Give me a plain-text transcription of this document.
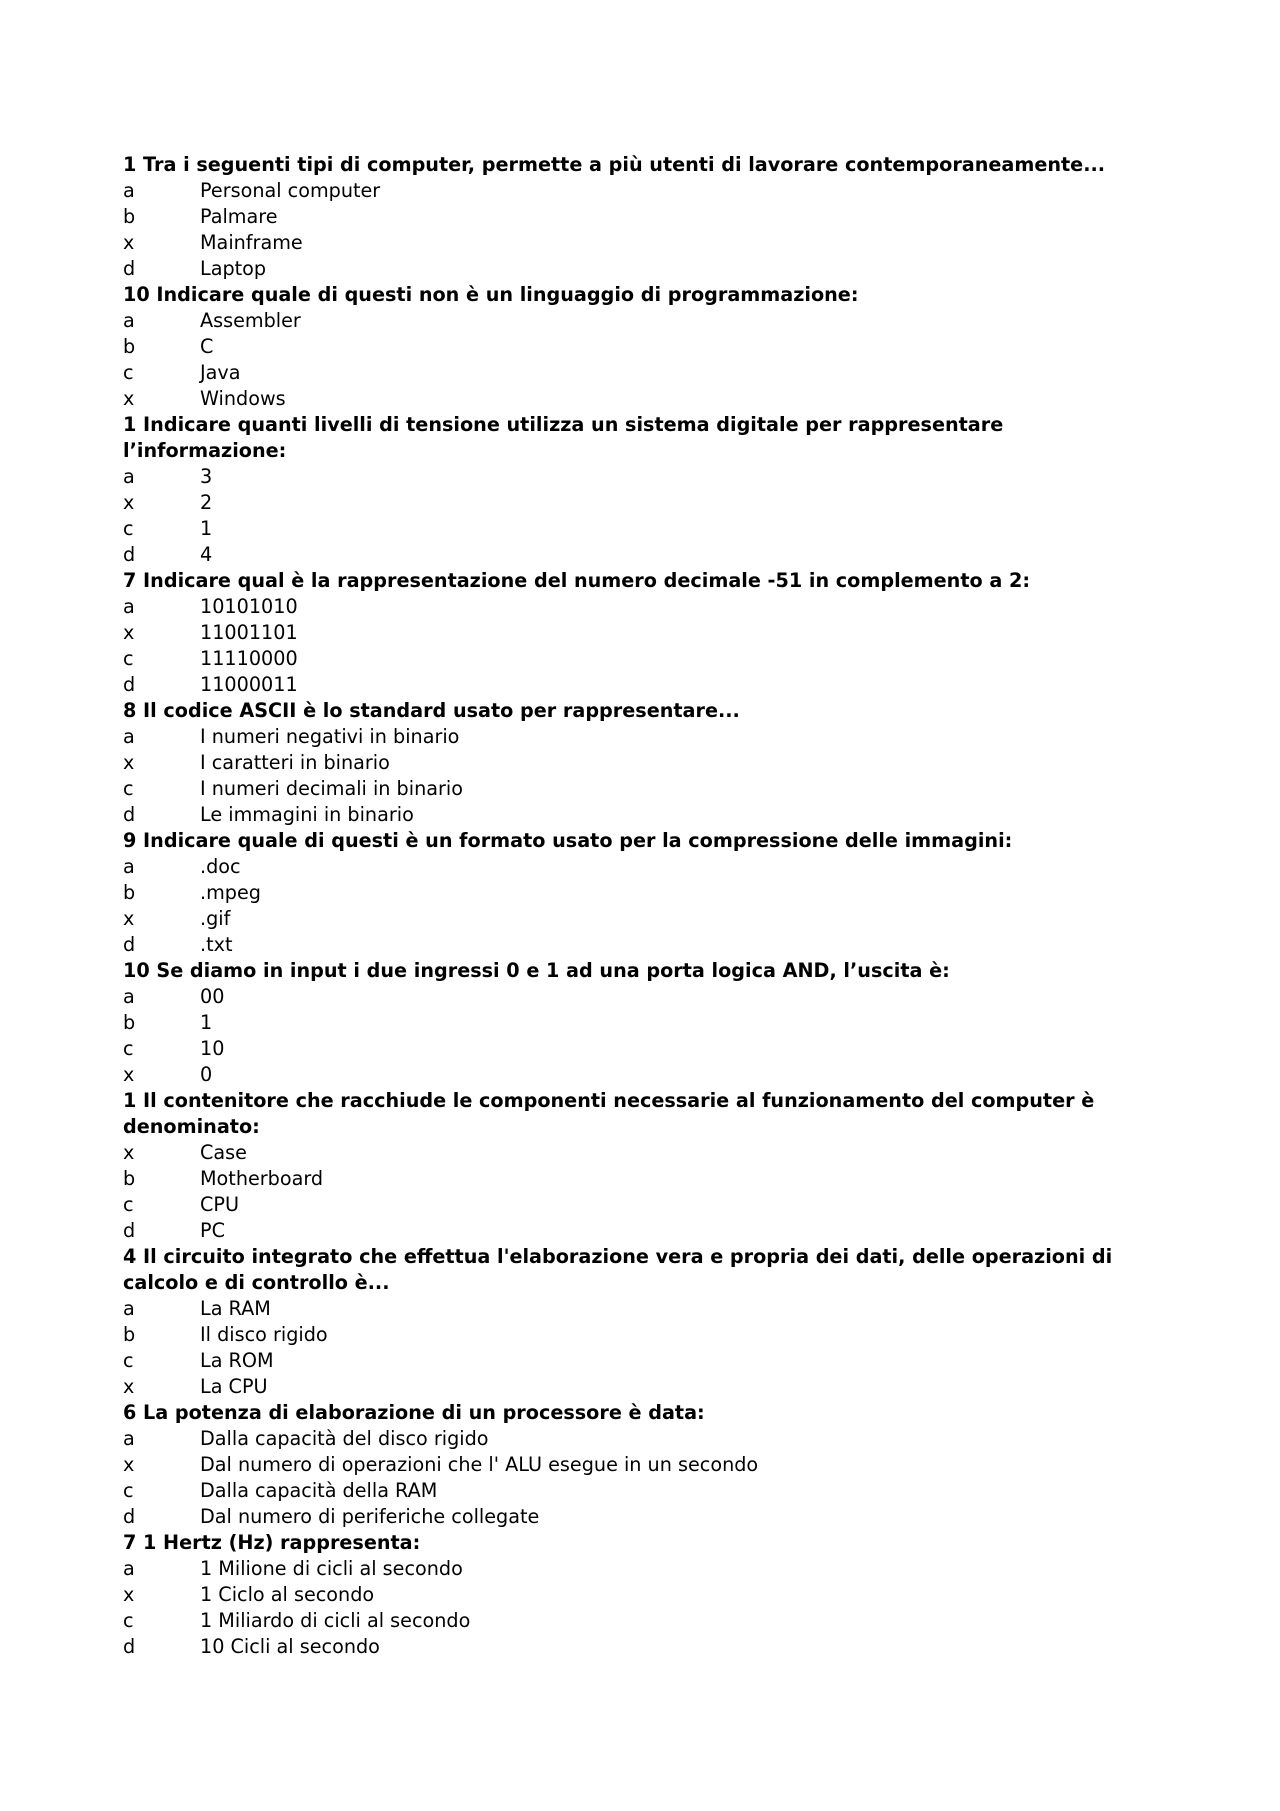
1 Tra i seguenti tipi di computer, permette a più utenti di lavorare contemporaneamente...

a	Personal computer
b	Palmare
x	Mainframe
d	Laptop

10 Indicare quale di questi non è un linguaggio di programmazione:

a	Assembler
b	C
c	Java
x	Windows

1 Indicare quanti livelli di tensione utilizza un sistema digitale per rappresentare l’informazione:

a	3
x	2
c	1
d	4

7 Indicare qual è la rappresentazione del numero decimale -51 in complemento a 2:

a	10101010
x	11001101
c	11110000
d	11000011

8 Il codice ASCII è lo standard usato per rappresentare...

a	I numeri negativi in binario
x	I caratteri in binario
c	I numeri decimali in binario
d	Le immagini in binario

9 Indicare quale di questi è un formato usato per la compressione delle immagini:

a	.doc
b	.mpeg
x	.gif
d	.txt

10 Se diamo in input i due ingressi 0 e 1 ad una porta logica AND, l’uscita è:

a	00
b	1
c	10
x	0

1 Il contenitore che racchiude le componenti necessarie al funzionamento del computer è denominato:

x	Case
b	Motherboard
c	CPU
d	PC

4 Il circuito integrato che effettua l'elaborazione vera e propria dei dati, delle operazioni di calcolo e di controllo è...

a	La RAM
b	Il disco rigido
c	La ROM
x	La CPU

6 La potenza di elaborazione di un processore è data:

a	Dalla capacità del disco rigido
x	Dal numero di operazioni che l' ALU esegue in un secondo
c	Dalla capacità della RAM
d	Dal numero di periferiche collegate

7 1 Hertz (Hz) rappresenta:

a	1 Milione di cicli al secondo
x	1 Ciclo al secondo
c	1 Miliardo di cicli al secondo
d	10 Cicli al secondo
